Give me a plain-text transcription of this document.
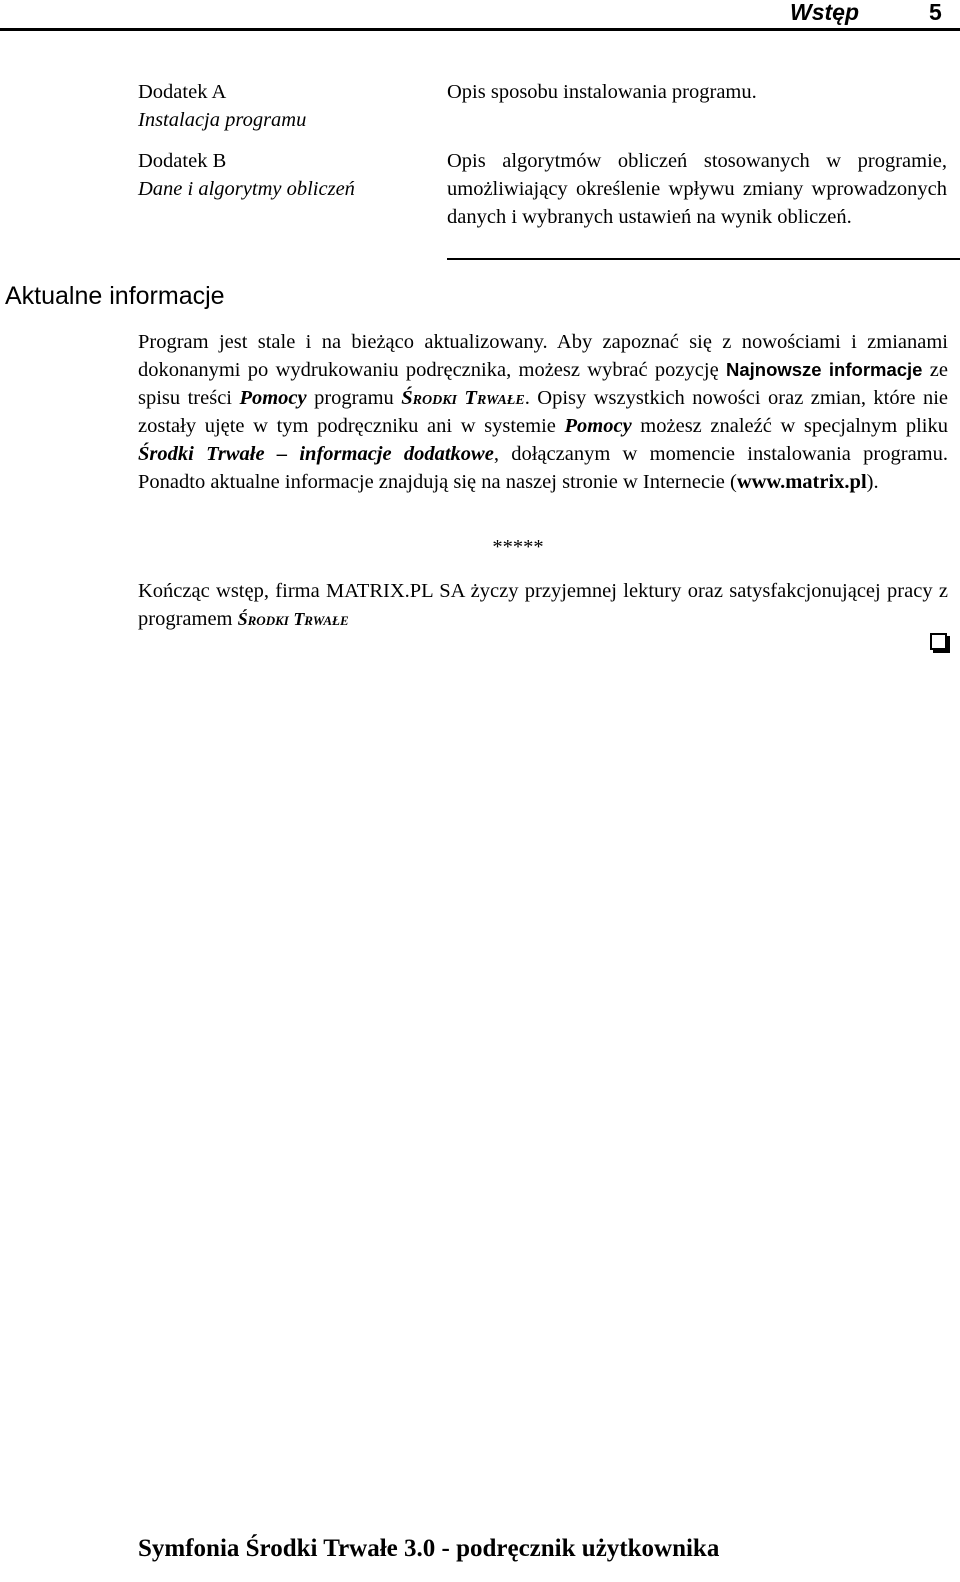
Wstęp	5
Dodatek A
Instalacja programu
Opis sposobu instalowania programu.
Dodatek B
Dane i algorytmy obliczeń
Opis algorytmów obliczeń stosowanych w programie, umożliwiający określenie wpływu zmiany wprowadzonych danych i wybranych ustawień na wynik obliczeń.
Aktualne informacje
Program jest stale i na bieżąco aktualizowany. Aby zapoznać się z nowościami i zmianami dokonanymi po wydrukowaniu podręcznika, możesz wybrać pozycję Najnowsze informacje ze spisu treści Pomocy programu Środki Trwałe. Opisy wszystkich nowości oraz zmian, które nie zostały ujęte w tym podręczniku ani w systemie Pomocy możesz znaleźć w specjalnym pliku Środki Trwałe – informacje dodatkowe, dołączanym w momencie instalowania programu. Ponadto aktualne informacje znajdują się na naszej stronie w Internecie (www.matrix.pl).
*****
Kończąc wstęp, firma MATRIX.PL SA życzy przyjemnej lektury oraz satysfakcjonującej pracy z programem Środki Trwałe
Symfonia Środki Trwałe 3.0 - podręcznik użytkownika
